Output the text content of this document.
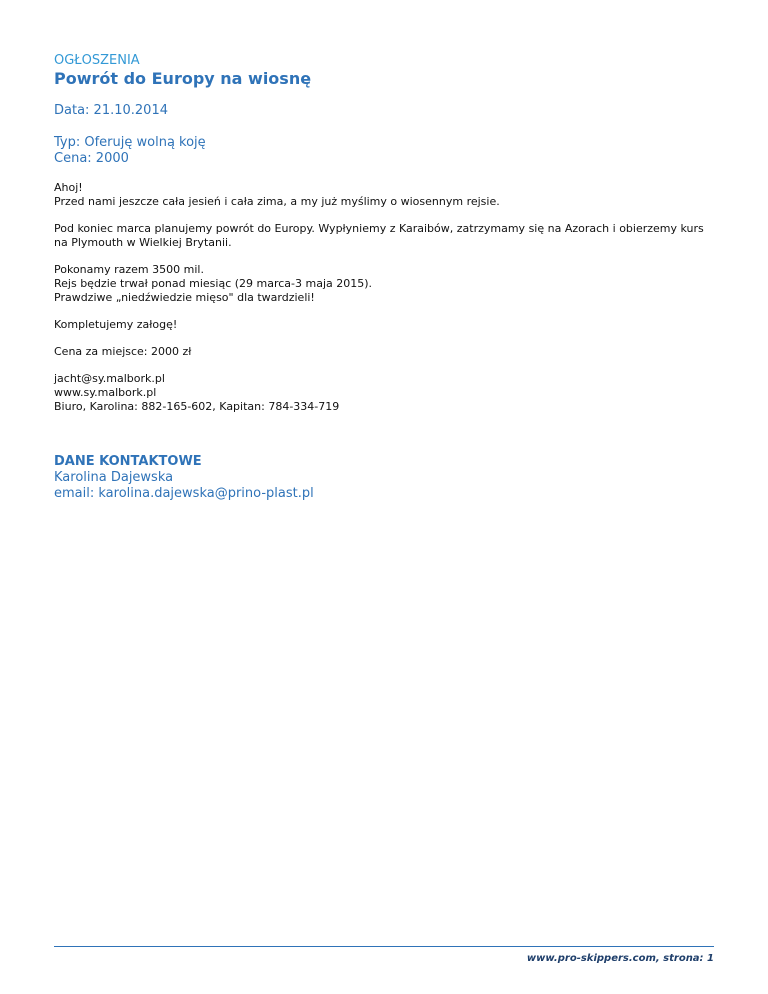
OGŁOSZENIA

Powrót do Europy na wiosnę

Data: 21.10.2014

Typ: Oferuję wolną koję

Cena: 2000

Ahoj!
Przed nami jeszcze cała jesień i cała zima, a my już myślimy o wiosennym rejsie.

Pod koniec marca planujemy powrót do Europy. Wypłyniemy z Karaibów, zatrzymamy się na Azorach i obierzemy kurs na Plymouth w Wielkiej Brytanii.

Pokonamy razem 3500 mil.
Rejs będzie trwał ponad miesiąc (29 marca-3 maja 2015).
Prawdziwe „niedźwiedzie mięso" dla twardzieli!

Kompletujemy załogę!

Cena za miejsce: 2000 zł

jacht@sy.malbork.pl
www.sy.malbork.pl
Biuro, Karolina: 882-165-602, Kapitan: 784-334-719

DANE KONTAKTOWE

Karolina Dajewska

email: karolina.dajewska@prino-plast.pl

www.pro-skippers.com, strona: 1
